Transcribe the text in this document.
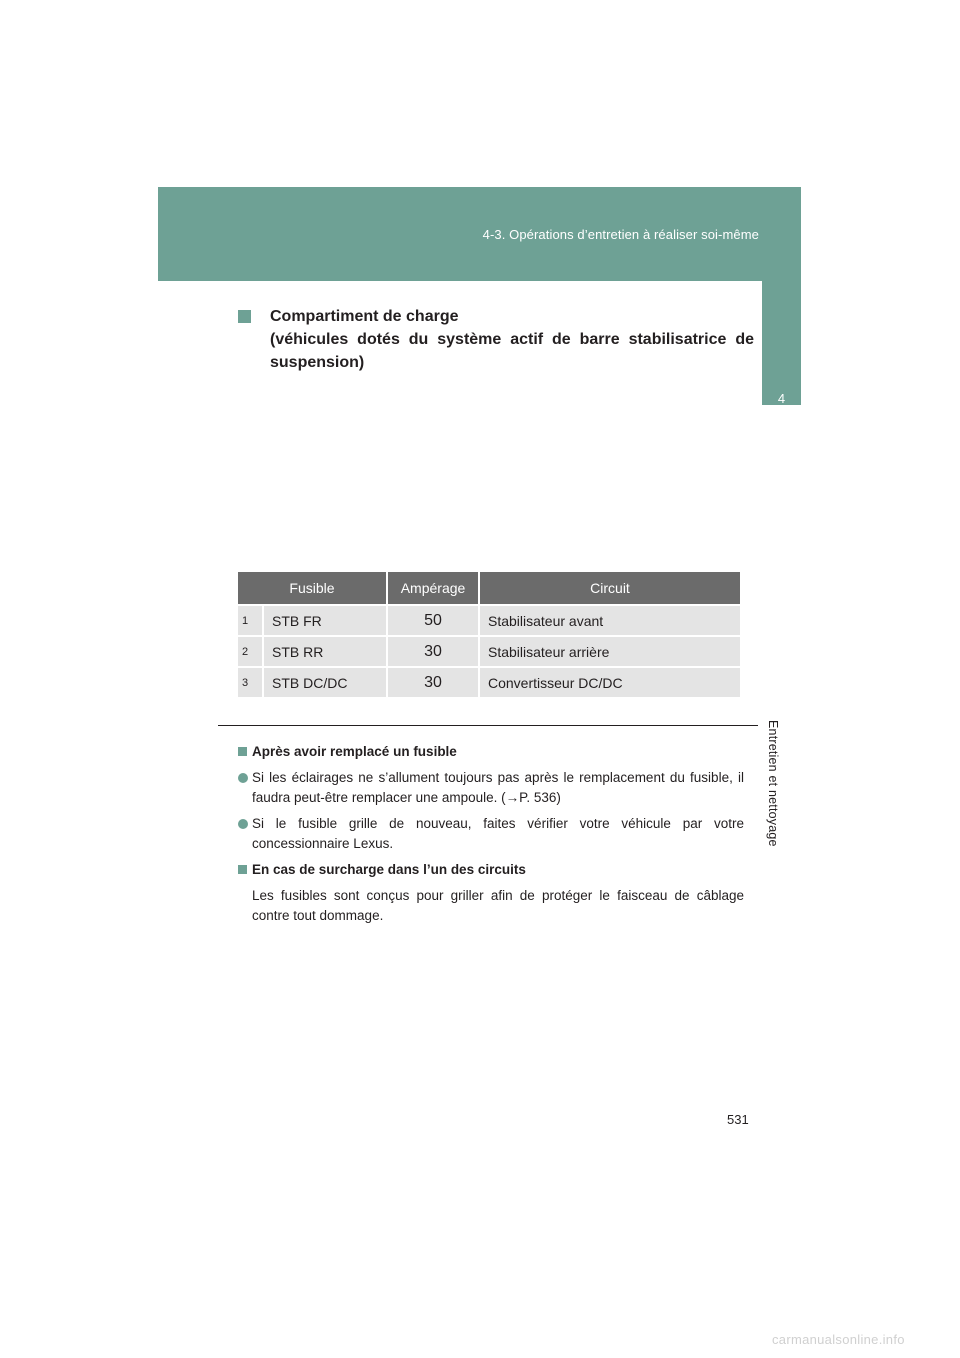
4-3. Opérations d’entretien à réaliser soi-même
4
Entretien et nettoyage
Compartiment de charge
(véhicules dotés du système actif de barre stabilisatrice de
suspension)
Fusible		Ampérage	Circuit
1	STB FR	50	Stabilisateur avant
2	STB RR	30	Stabilisateur arrière
3	STB DC/DC	30	Convertisseur DC/DC

Après avoir remplacé un fusible

Si les éclairages ne s’allument toujours pas après le remplacement du fusible, il faudra peut-être remplacer une ampoule. (→P. 536)

Si le fusible grille de nouveau, faites vérifier votre véhicule par votre concessionnaire Lexus.

En cas de surcharge dans l’un des circuits

Les fusibles sont conçus pour griller afin de protéger le faisceau de câblage contre tout dommage.

531
carmanualsonline.info
